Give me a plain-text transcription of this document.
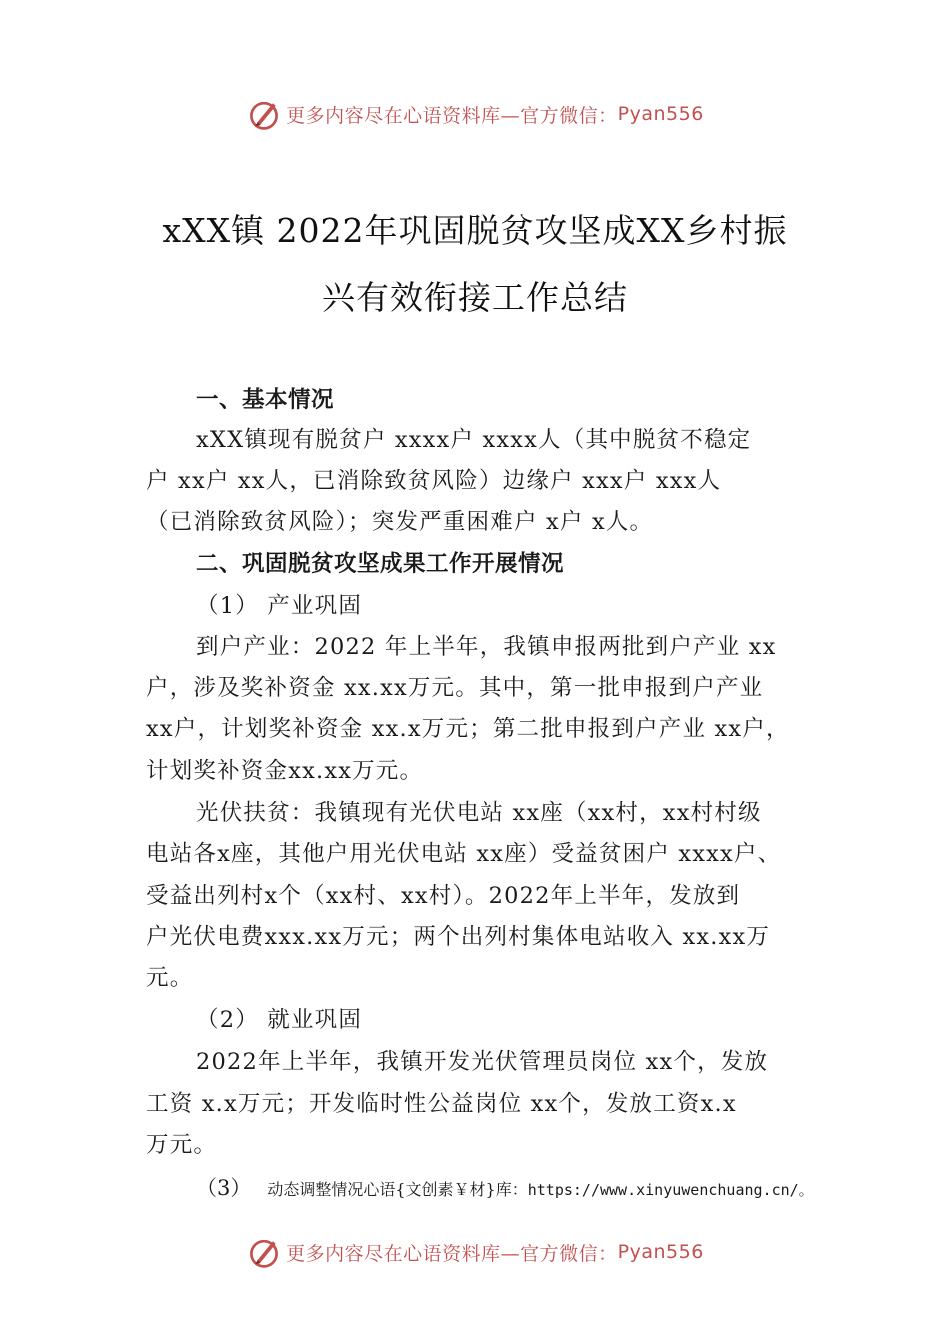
更多内容尽在心语资料库—官方微信： Pyan556
xXX镇 2022年巩固脱贫攻坚成XX乡村振
兴有效衔接工作总结
一、基本情况
xXX镇现有脱贫户 xxxx户 xxxx人（其中脱贫不稳定
户 xx户 xx人，已消除致贫风险）边缘户 xxx户 xxx人
（已消除致贫风险）；突发严重困难户 x户 x人。
二、巩固脱贫攻坚成果工作开展情况
（1） 产业巩固
到户产业：2022 年上半年，我镇申报两批到户产业 xx
户，涉及奖补资金 xx.xx万元。其中，第一批申报到户产业
xx户，计划奖补资金 xx.x万元；第二批申报到户产业 xx户，
计划奖补资金xx.xx万元。
光伏扶贫：我镇现有光伏电站 xx座（xx村，xx村村级
电站各x座，其他户用光伏电站 xx座）受益贫困户 xxxx户、
受益出列村x个（xx村、xx村）。2022年上半年，发放到
户光伏电费xxx.xx万元；两个出列村集体电站收入 xx.xx万
元。
（2） 就业巩固
2022年上半年，我镇开发光伏管理员岗位 xx个，发放
工资 x.x万元；开发临时性公益岗位 xx个，发放工资x.x
万元。
（3） 动态调整情况心语{文创素￥材}库：https://www.xinyuwenchuang.cn/。
更多内容尽在心语资料库—官方微信： Pyan556
